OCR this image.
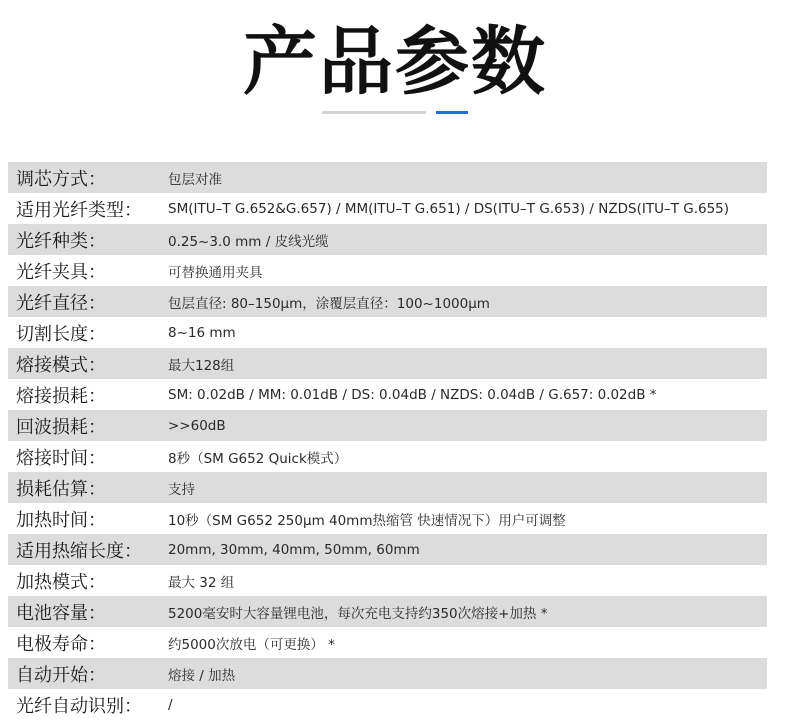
产品参数
调芯方式：	包层对准
适用光纤类型：	SM(ITU–T G.652&G.657) / MM(ITU–T G.651) / DS(ITU–T G.653) / NZDS(ITU–T G.655)
光纤种类：	0.25~3.0 mm / 皮线光缆
光纤夹具：	可替换通用夹具
光纤直径：	包层直径: 80–150μm，涂覆层直径：100~1000μm
切割长度：	8~16 mm
熔接模式：	最大128组
熔接损耗：	SM: 0.02dB / MM: 0.01dB / DS: 0.04dB / NZDS: 0.04dB / G.657: 0.02dB *
回波损耗：	>>60dB
熔接时间：	8秒（SM G652 Quick模式）
损耗估算：	支持
加热时间：	10秒（SM G652 250μm 40mm热缩管 快速情况下）用户可调整
适用热缩长度：	20mm, 30mm, 40mm, 50mm, 60mm
加热模式：	最大 32 组
电池容量：	5200毫安时大容量锂电池，每次充电支持约350次熔接+加热 *
电极寿命：	约5000次放电（可更换） *
自动开始：	熔接 / 加热
光纤自动识别：	/
